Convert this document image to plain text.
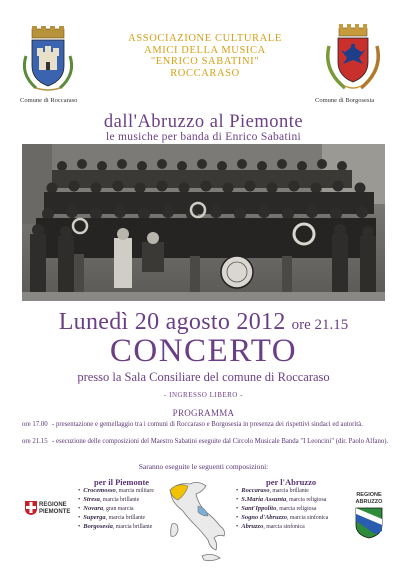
ASSOCIAZIONE CULTURALE
AMICI DELLA MUSICA
"ENRICO SABATINI"
ROCCARASO
Comune di Roccaraso	Comune di Borgosesia
dall'Abruzzo al Piemonte
le musiche per banda di Enrico Sabatini
Lunedì 20 agosto 2012 ore 21.15
CONCERTO
presso la Sala Consiliare del comune di Roccaraso
- INGRESSO LIBERO -
PROGRAMMA
ore 17.00 - presentazione e gemellaggio tra i comuni di Roccaraso e Borgosesia in presenza dei rispettivi sindaci ed autorità.
ore 21.15 - esecuzione delle composizioni del Maestro Sabatini eseguite dal Circolo Musicale Banda "I Leoncini" (dir. Paolo Alfano).
Saranno eseguite le seguenti composizioni:
REGIONE
PIEMONTE
per il Piemonte
• Crocemosso, marcia militare
• Stresa, marcia brillante
• Novara, gran marcia
• Superga, marcia brillante
• Borgosesia, marcia brillante
per l'Abruzzo
• Roccaraso, marcia brillante
• S.Maria Assunta, marcia religiosa
• Sant'Ippolito, marcia religiosa
• Sogno d'Abruzzo, marcia sinfonica
• Abruzzo, marcia sinfonica
REGIONE
ABRUZZO
